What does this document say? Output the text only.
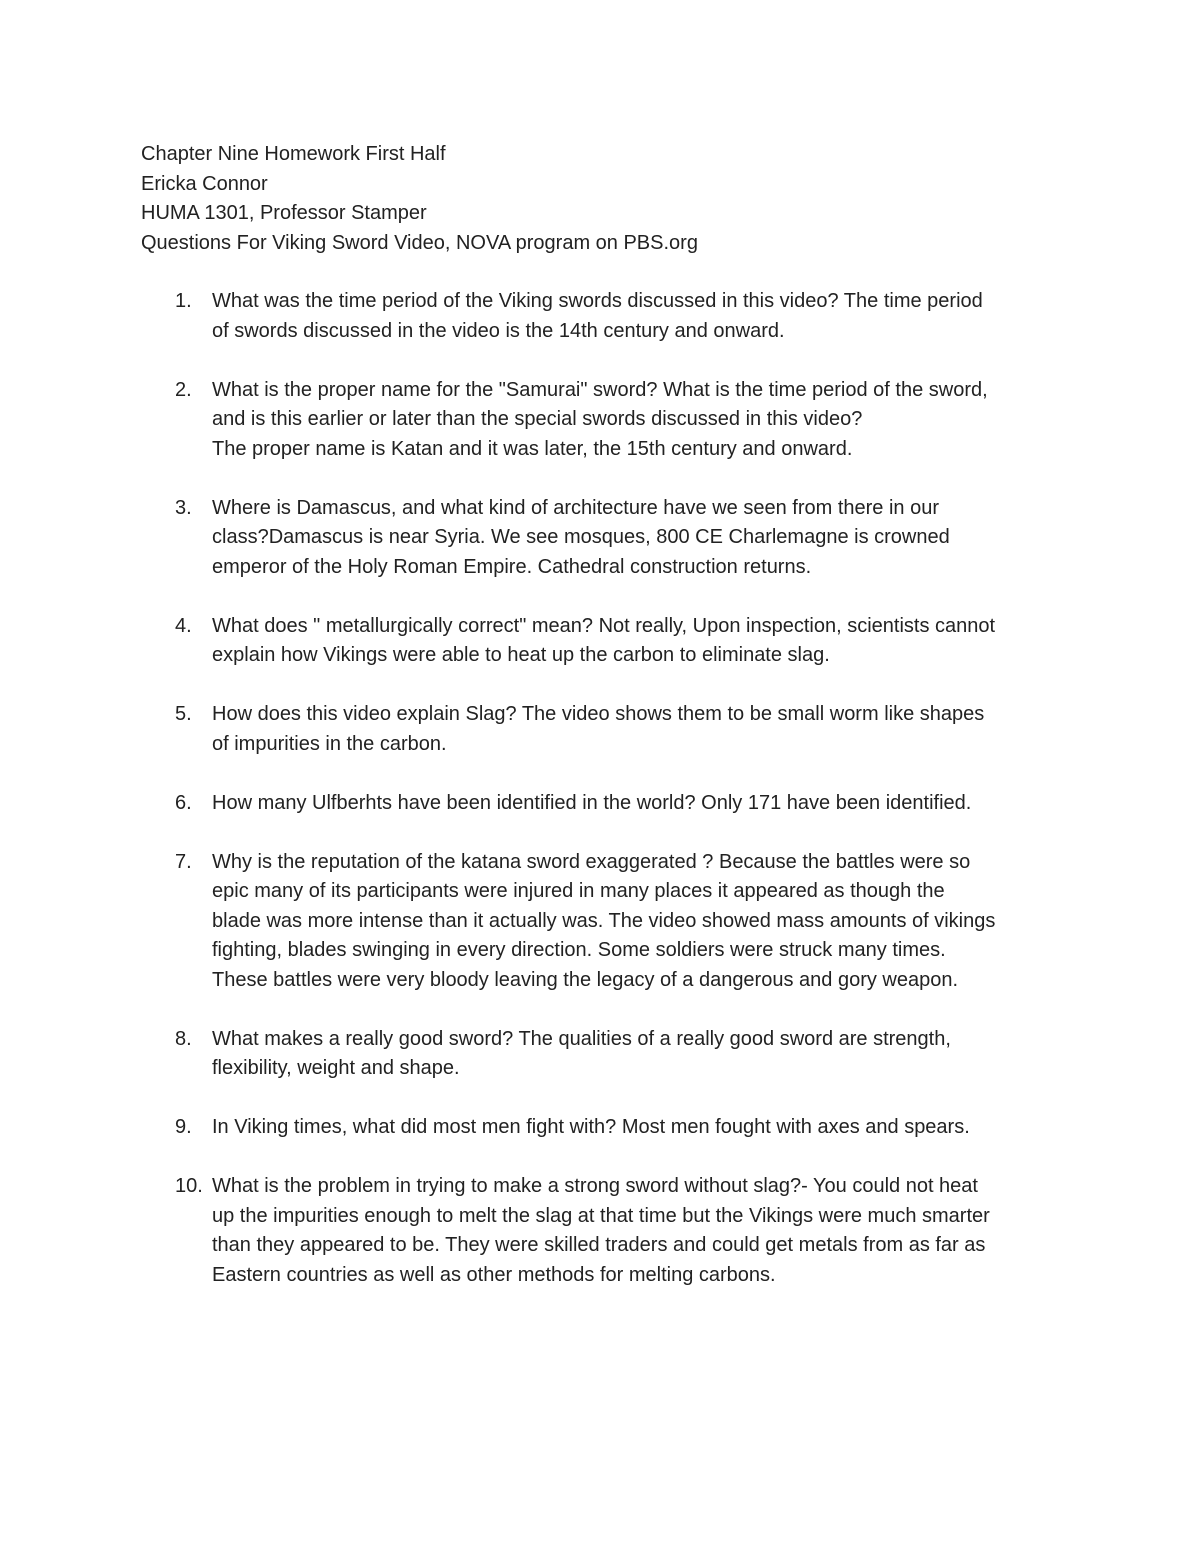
Chapter Nine Homework First Half

Ericka Connor

HUMA 1301, Professor Stamper

Questions For Viking Sword Video, NOVA program on PBS.org

1.	What was the time period of the Viking swords discussed in this video? The time period
of swords discussed in the video is the 14th century and onward.
2.	What is the proper name for the "Samurai" sword? What is the time period of the sword,
and is this earlier or later than the special swords discussed in this video?
The proper name is Katan and it was later, the 15th century and onward.
3.	Where is Damascus, and what kind of architecture have we seen from there in our
class?Damascus is near Syria. We see mosques, 800 CE Charlemagne is crowned
emperor of the Holy Roman Empire. Cathedral construction returns.
4.	What does " metallurgically correct" mean? Not really, Upon inspection, scientists cannot
explain how Vikings were able to heat up the carbon to eliminate slag.
5.	How does this video explain Slag? The video shows them to be small worm like shapes
of impurities in the carbon.
6.	How many Ulfberhts have been identified in the world? Only 171 have been identified.
7.	Why is the reputation of the katana sword exaggerated ? Because the battles were so
epic many of its participants were injured in many places it appeared as though the
blade was more intense than it actually was. The video showed mass amounts of vikings
fighting, blades swinging in every direction. Some soldiers were struck many times.
These battles were very bloody leaving the legacy of a dangerous and gory weapon.
8.	What makes a really good sword? The qualities of a really good sword are strength,
flexibility, weight and shape.
9.	In Viking times, what did most men fight with? Most men fought with axes and spears.
10. What is the problem in trying to make a strong sword without slag?- You could not heat
up the impurities enough to melt the slag at that time but the Vikings were much smarter
than they appeared to be. They were skilled traders and could get metals from as far as
Eastern countries as well as other methods for melting carbons.
